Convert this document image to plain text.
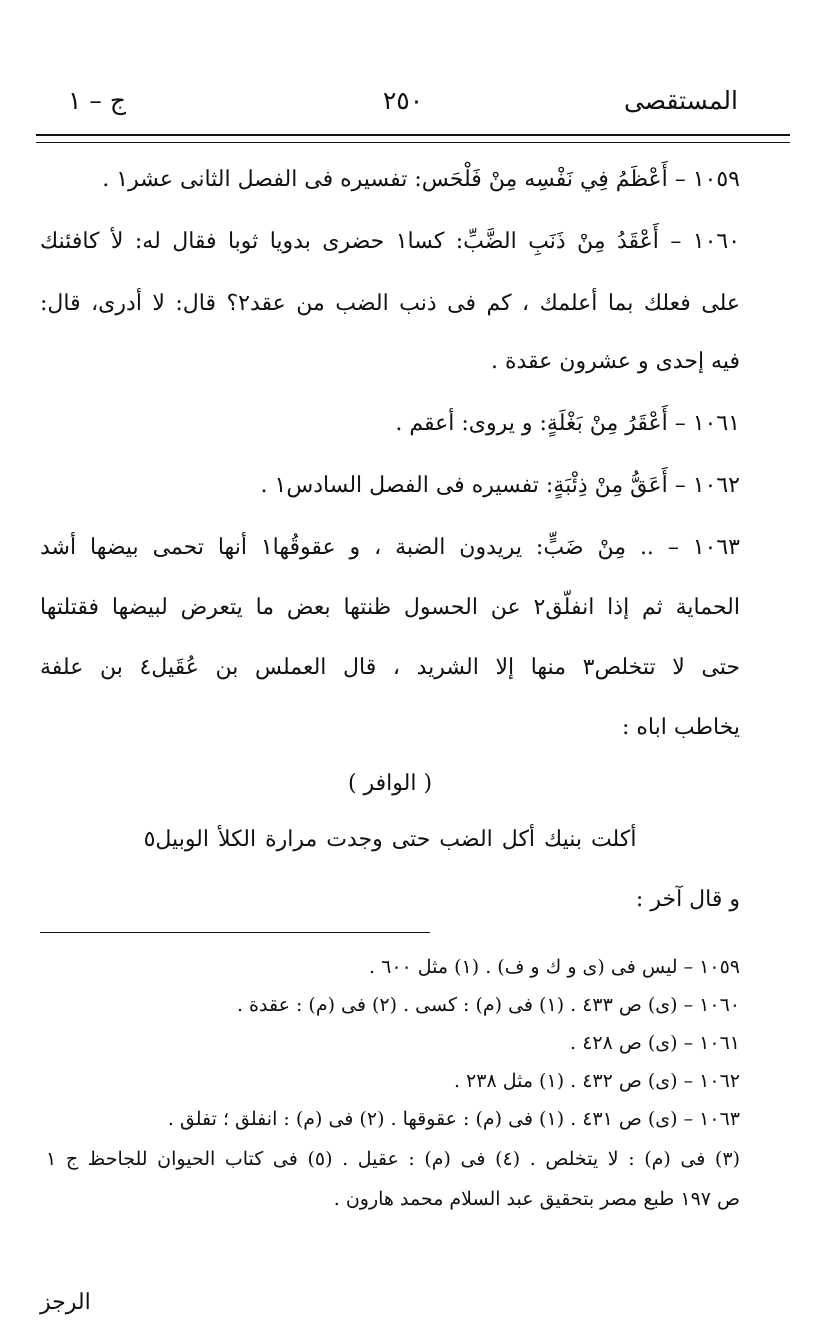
المستقصى
٢٥٠
ج – ١
١٠٥٩ – أَعْظَمُ فِي نَفْسِه مِنْ فَلْحَس: تفسيره فى الفصل الثانى عشر١ .
١٠٦٠ – أَعْقَدُ مِنْ ذَنَبِ الضَّبِّ: كسا١ حضرى بدويا ثوبا فقال له: لأ كافئنك
على فعلك بما أعلمك ، كم فى ذنب الضب من عقد٢؟ قال: لا أدرى، قال:
فيه إحدى و عشرون عقدة .
١٠٦١ – أَعْقَرُ مِنْ بَغْلَةٍ: و يروى: أعقم .
١٠٦٢ – أَعَقُّ مِنْ ذِئْبَةٍ: تفسيره فى الفصل السادس١ .
١٠٦٣ – .. مِنْ ضَبٍّ: يريدون الضبة ، و عقوقُها١ أنها تحمى بيضها أشد
الحماية ثم إذا انفلّق٢ عن الحسول ظنتها بعض ما يتعرض لبيضها فقتلتها
حتى لا تتخلص٣ منها إلا الشريد ، قال العملس بن عُقَيل٤ بن علفة
يخاطب اباه :
( الوافر )
أكلت بنيك أكل الضب حتى وجدت مرارة الكلأ الوبيل٥
و قال آخر :
١٠٥٩ – ليس فى (ى و ك و ف) . (١) مثل ٦٠٠ .
١٠٦٠ – (ى) ص ٤٣٣ . (١) فى (م) : كسى . (٢) فى (م) : عقدة .
١٠٦١ – (ى) ص ٤٢٨ .
١٠٦٢ – (ى) ص ٤٣٢ . (١) مثل ٢٣٨ .
١٠٦٣ – (ى) ص ٤٣١ . (١) فى (م) : عقوقها . (٢) فى (م) : انفلق ؛ تفلق .
(٣) فى (م) : لا يتخلص . (٤) فى (م) : عقيل . (٥) فى كتاب الحيوان للجاحظ ج ١
ص ١٩٧ طبع مصر بتحقيق عبد السلام محمد هارون .
الرجز
